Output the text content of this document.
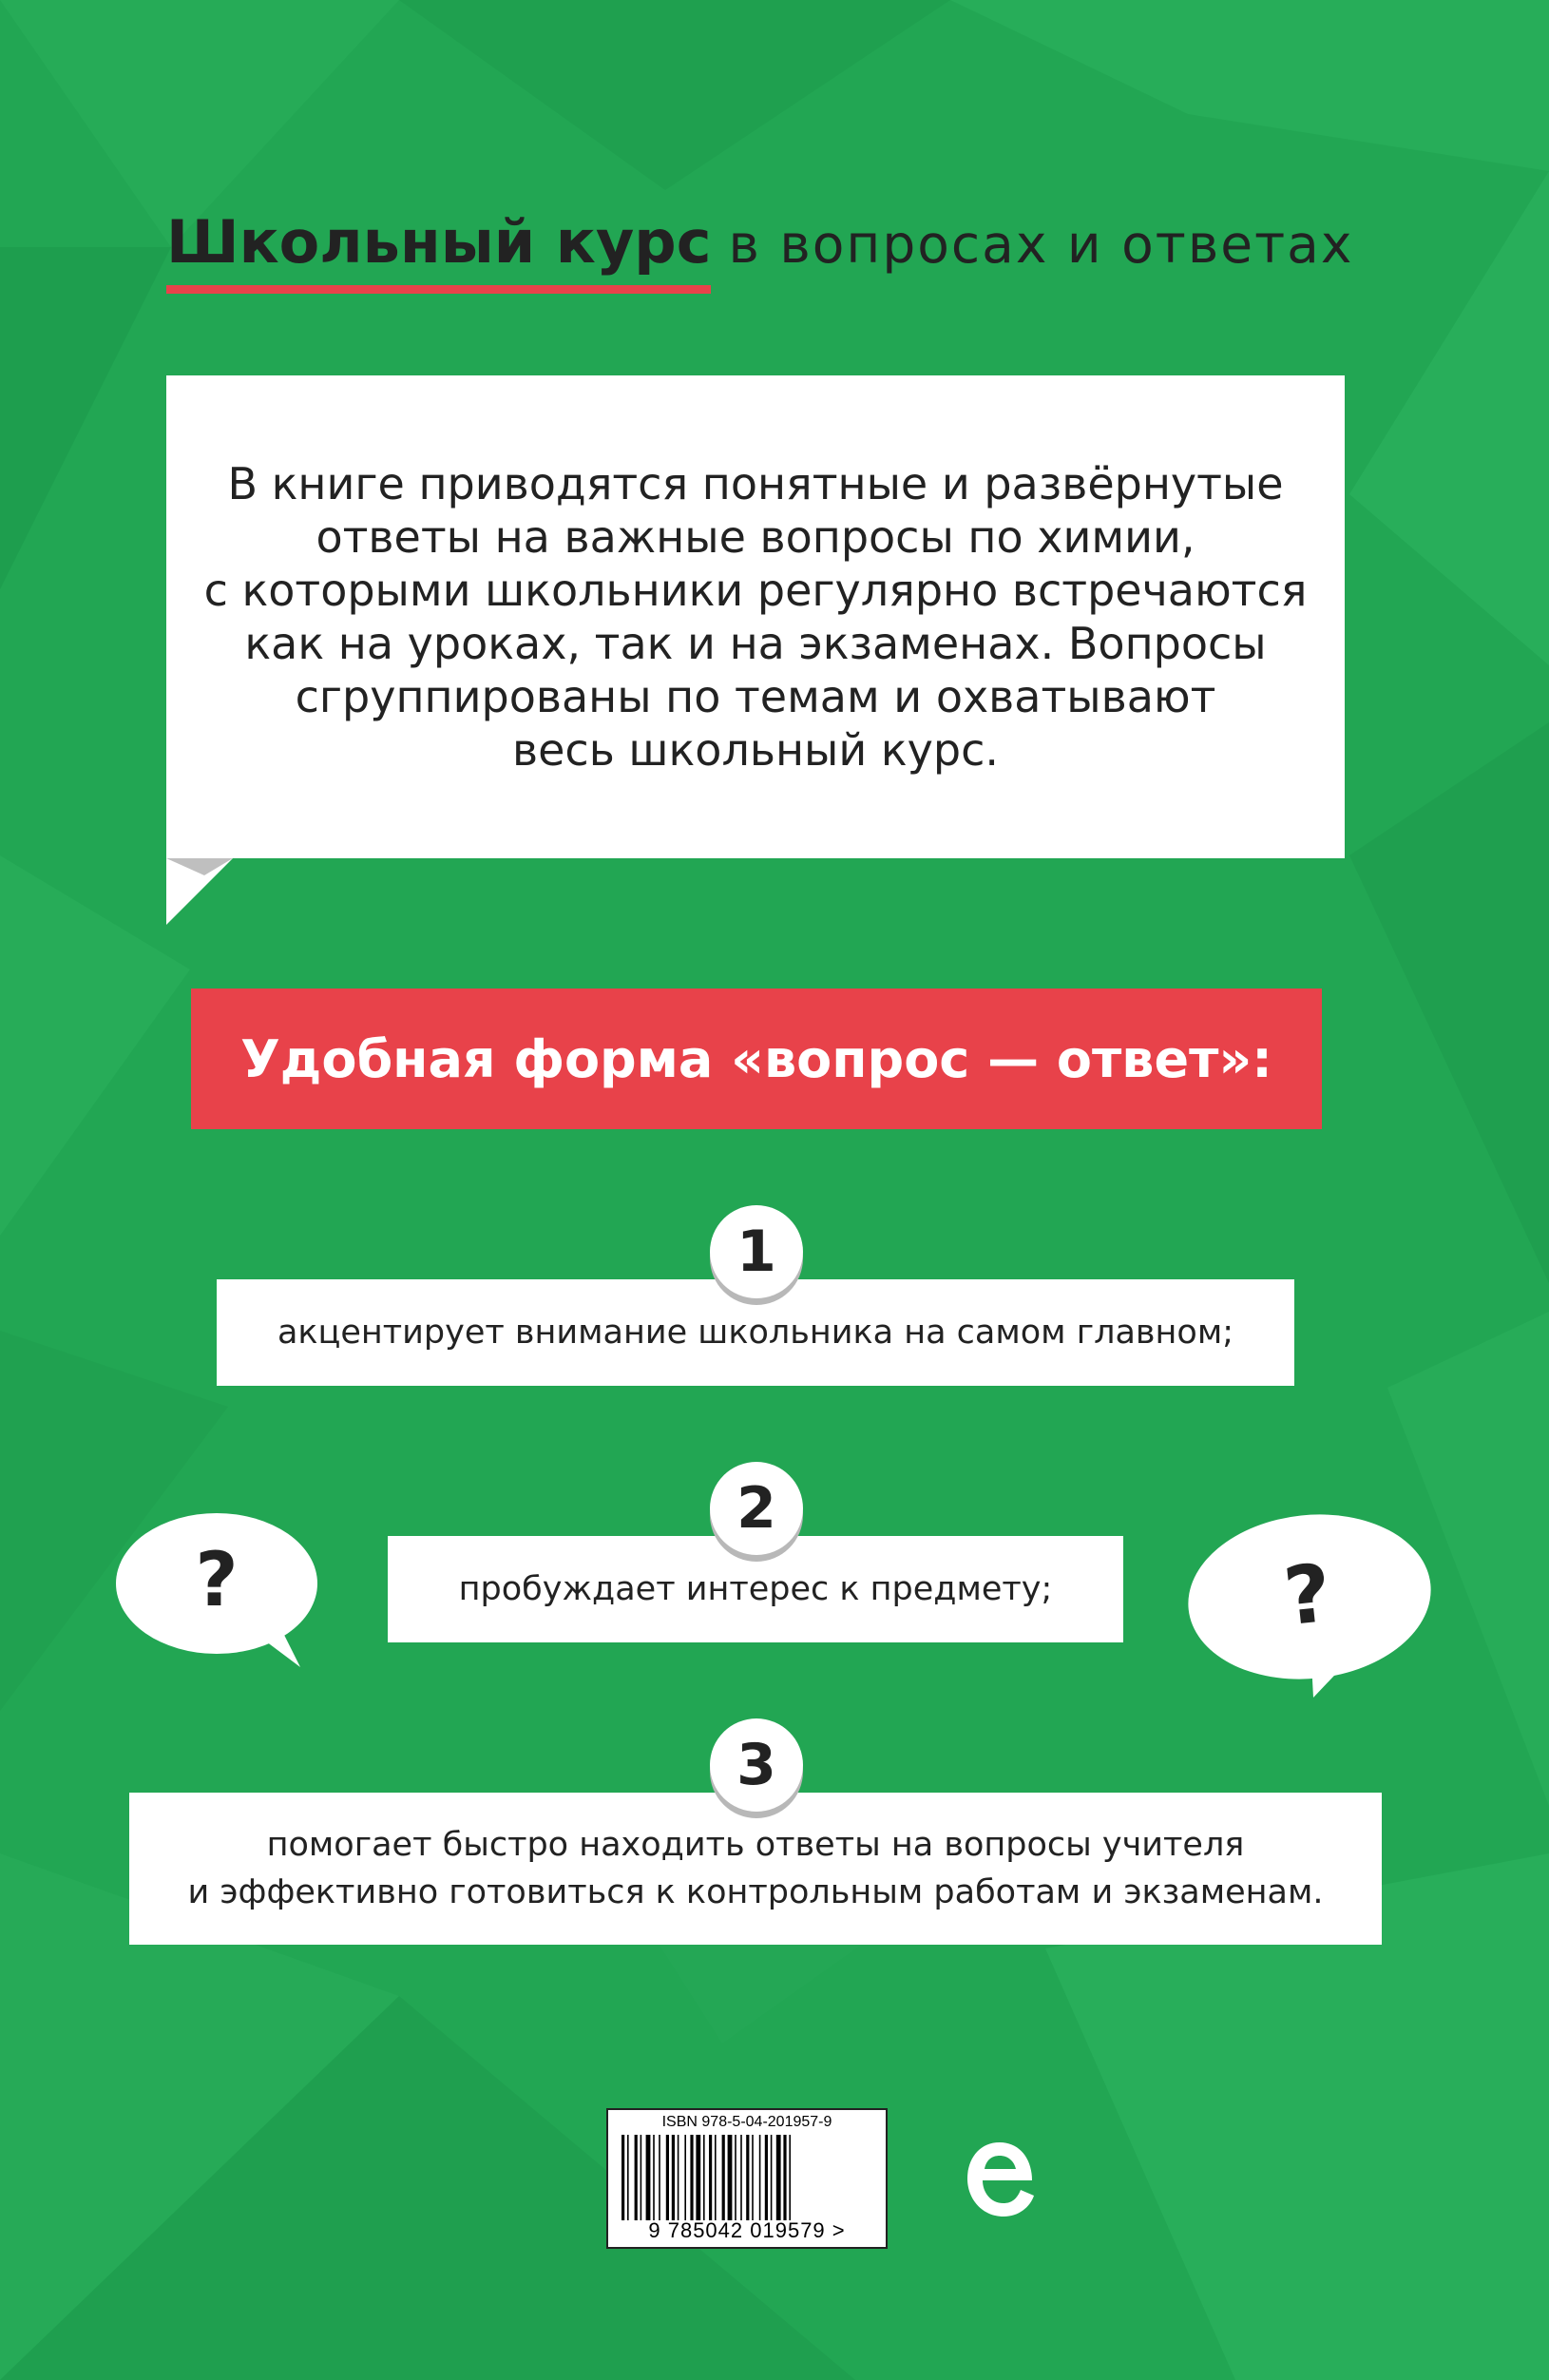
Школьный курс в вопросах и ответах
В книге приводятся понятные и развёрнутые
ответы на важные вопросы по химии,
с которыми школьники регулярно встречаются
как на уроках, так и на экзаменах. Вопросы
сгруппированы по темам и охватывают
весь школьный курс.
Удобная форма «вопрос — ответ»:
акцентирует внимание школьника на самом главном;
1
пробуждает интерес к предмету;
2
помогает быстро находить ответы на вопросы учителя
и эффективно готовиться к контрольным работам и экзаменам.
3
?	?
ISBN 978-5-04-201957-9
9 785042 019579 >
